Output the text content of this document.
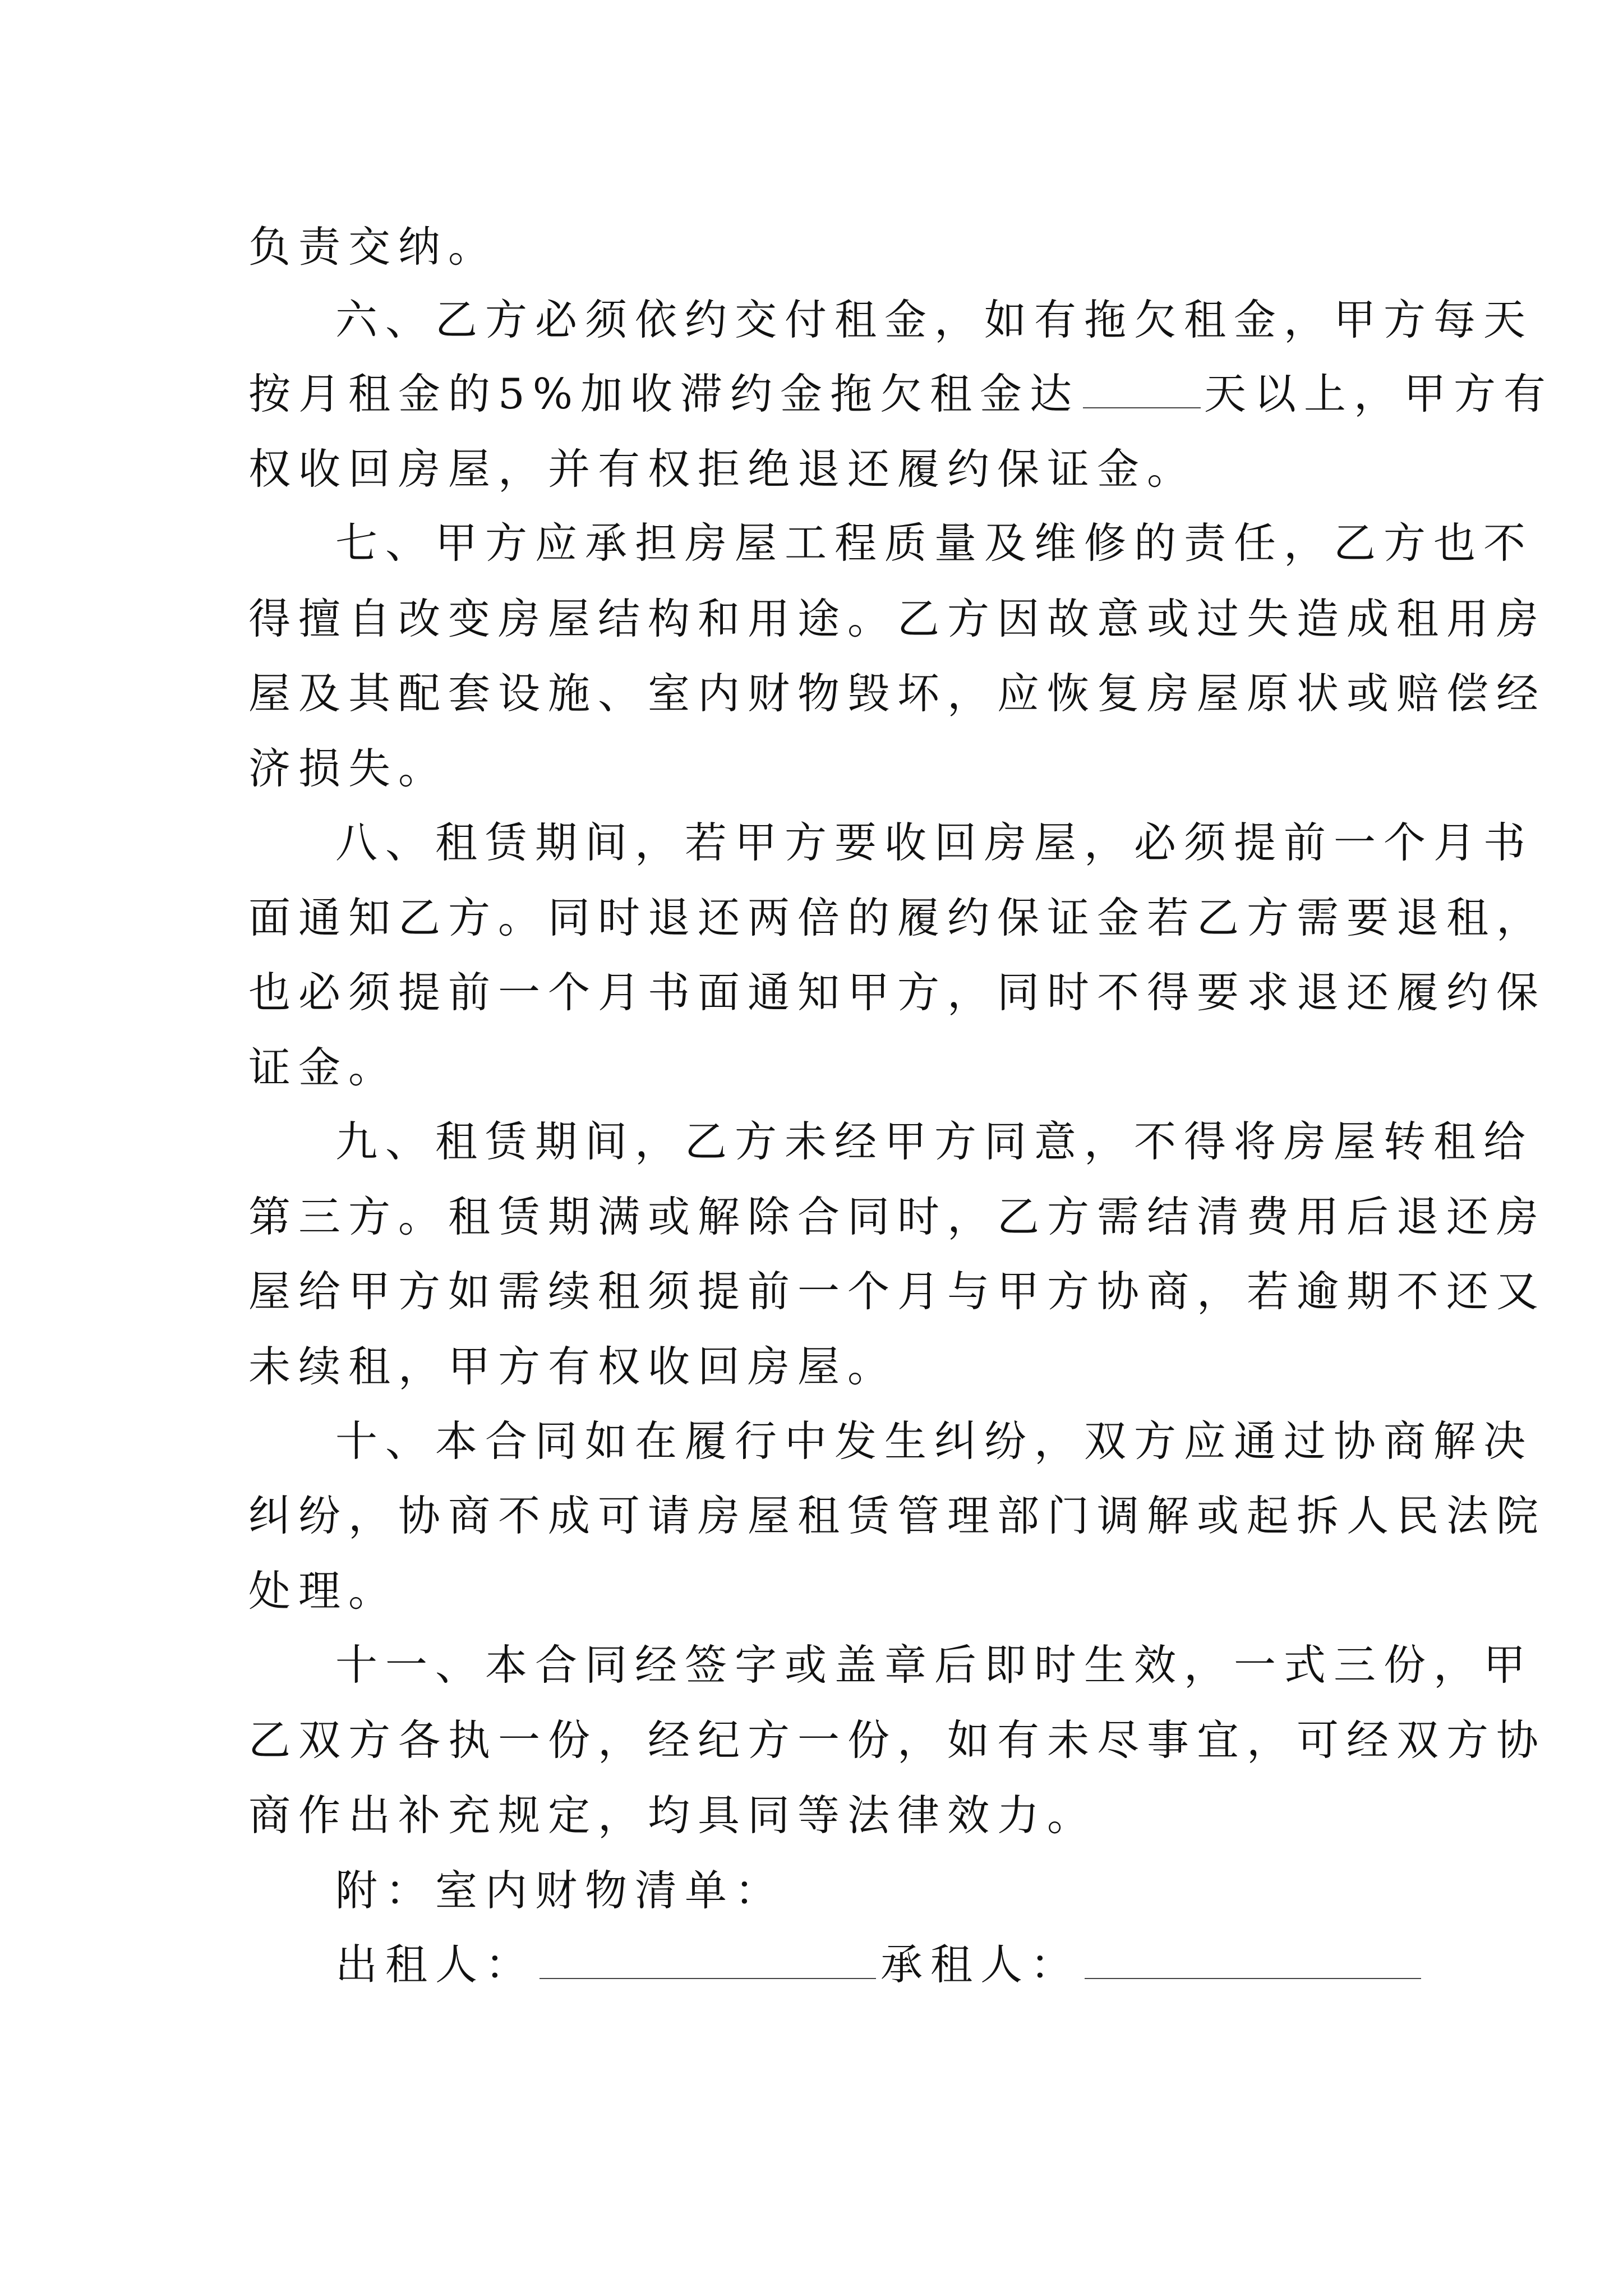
负责交纳。
六、乙方必须依约交付租金，如有拖欠租金，甲方每天
按月租金的5%加收滞约金拖欠租金达	天以上，甲方有
权收回房屋，并有权拒绝退还履约保证金。
七、甲方应承担房屋工程质量及维修的责任，乙方也不
得擅自改变房屋结构和用途。乙方因故意或过失造成租用房
屋及其配套设施、室内财物毁坏，应恢复房屋原状或赔偿经
济损失。
八、租赁期间，若甲方要收回房屋，必须提前一个月书
面通知乙方。同时退还两倍的履约保证金若乙方需要退租，
也必须提前一个月书面通知甲方，同时不得要求退还履约保
证金。
九、租赁期间，乙方未经甲方同意，不得将房屋转租给
第三方。租赁期满或解除合同时，乙方需结清费用后退还房
屋给甲方如需续租须提前一个月与甲方协商，若逾期不还又
未续租，甲方有权收回房屋。
十、本合同如在履行中发生纠纷，双方应通过协商解决
纠纷，协商不成可请房屋租赁管理部门调解或起拆人民法院
处理。
十一、本合同经签字或盖章后即时生效，一式三份，甲
乙双方各执一份，经纪方一份，如有未尽事宜，可经双方协
商作出补充规定，均具同等法律效力。
附：室内财物清单：
出租人：	承租人：
